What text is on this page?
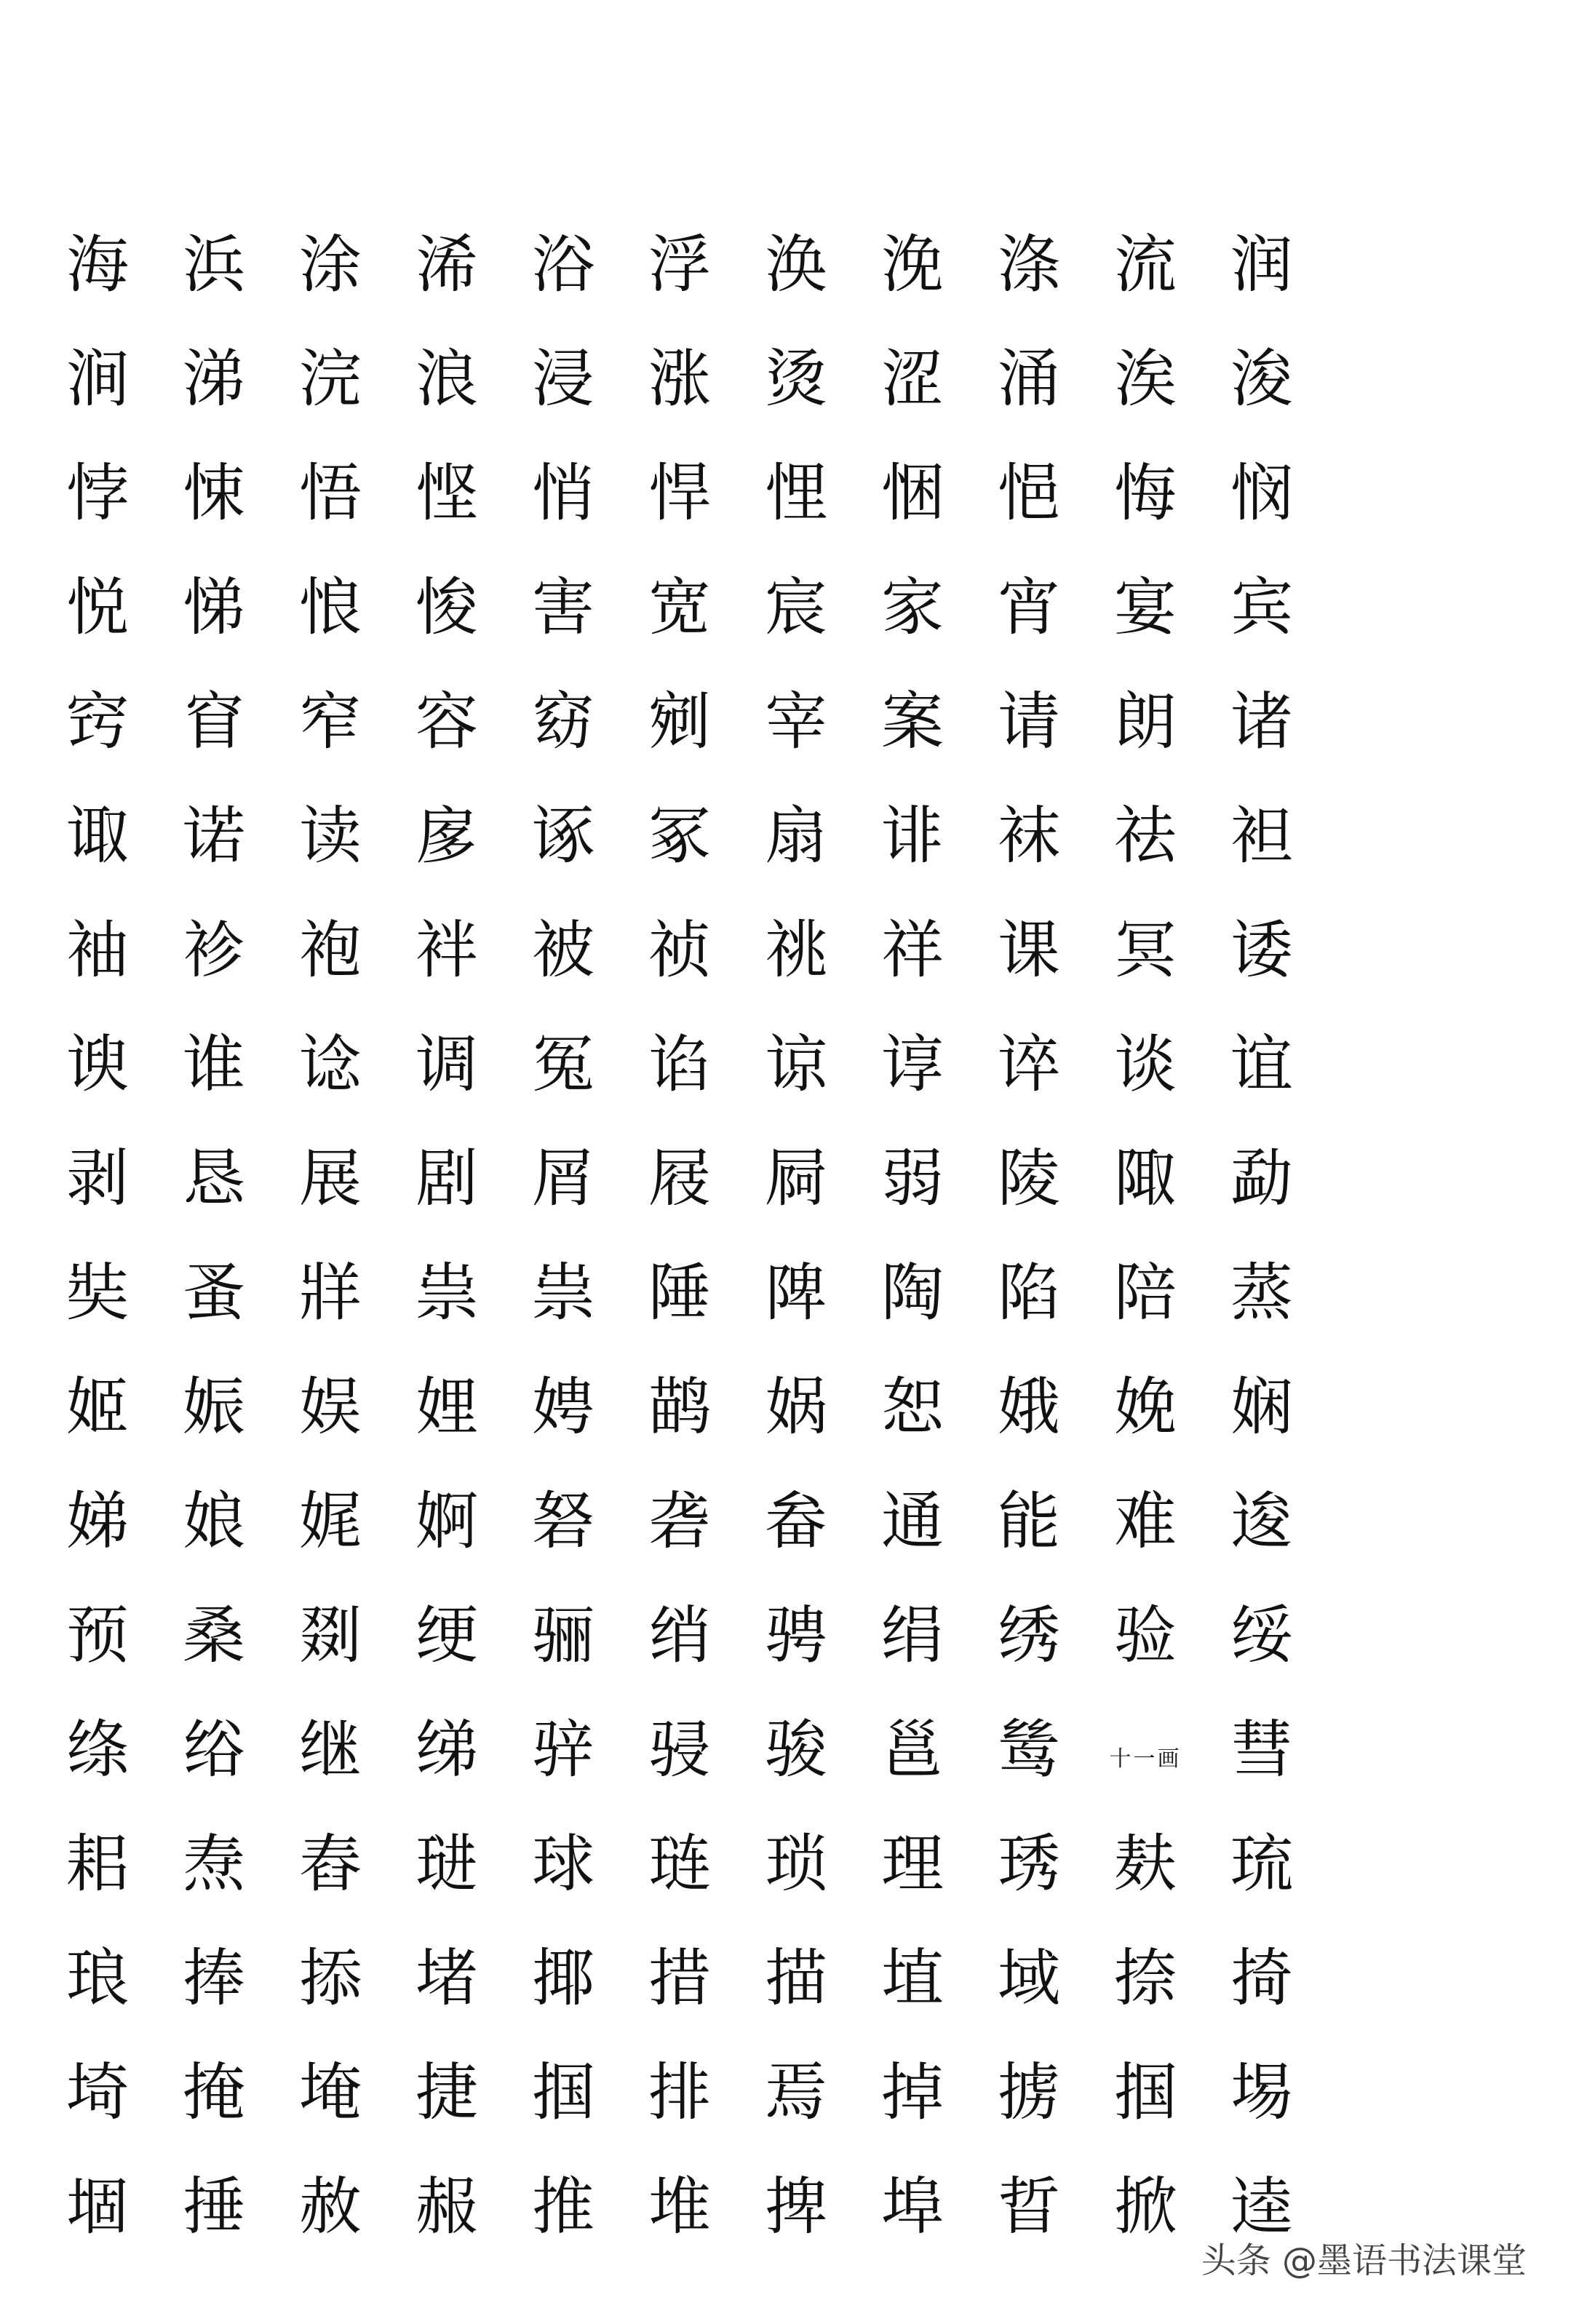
海 浜 涂 浠 浴 浮 涣 浼 涤 流 润
涧 涕 浣 浪 浸 涨 烫 涩 涌 涘 浚
悖 悚 悟 悭 悄 悍 悝 悃 悒 悔 悯
悦 悌 悢 悛 害 宽 宸 家 宵 宴 宾
窍 窅 窄 容 窈 剜 宰 案 请 朗 诸
诹 诺 读 扅 诼 冢 扇 诽 袜 祛 袒
袖 袗 袍 袢 被 祯 祧 祥 课 冥 诿
谀 谁 谂 调 冤 谄 谅 谆 谇 谈 谊
剥 恳 展 剧 屑 屐 屙 弱 陵 陬 勐
奘 蚤 牂 祟 祟 陲 陴 陶 陷 陪 蒸
姬 娠 娱 娌 娉 鹋 娲 恕 娥 娩 娴
娣 娘 娓 婀 砮 砻 畚 通 能 难 逡
预 桑 剟 绠 骊 绡 骋 绢 绣 验 绥
绦 绤 继 绨 骍 骎 骏 邕 鸶	十一画 彗
耜 焘 舂 琎 球 琏 琐 理 琇 麸 琉
琅 捧 掭 堵 揶 措 描 埴 域 捺 掎
埼 掩 埯 捷 掴 排 焉 掉 掳 掴 埸
堌 捶 赦 赧 推 堆 捭 埠 晢 掀 逵
头条 @墨语书法课堂
